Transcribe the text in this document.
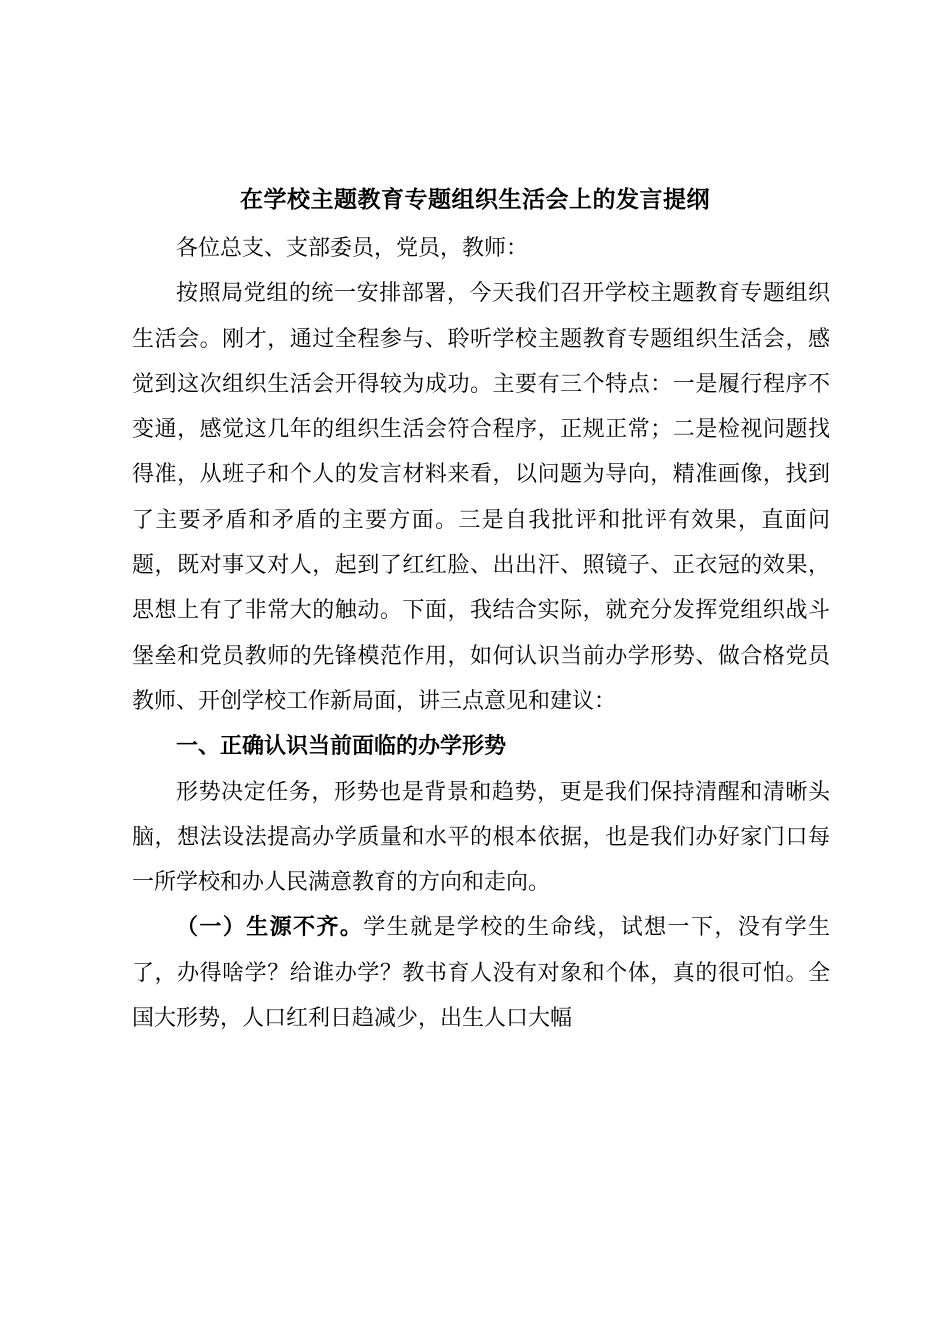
在学校主题教育专题组织生活会上的发言提纲

各位总支、支部委员，党员，教师：

按照局党组的统一安排部署，今天我们召开学校主题教育专题组织生活会。刚才，通过全程参与、聆听学校主题教育专题组织生活会，感觉到这次组织生活会开得较为成功。主要有三个特点：一是履行程序不变通，感觉这几年的组织生活会符合程序，正规正常；二是检视问题找得准，从班子和个人的发言材料来看，以问题为导向，精准画像，找到了主要矛盾和矛盾的主要方面。三是自我批评和批评有效果，直面问题，既对事又对人，起到了红红脸、出出汗、照镜子、正衣冠的效果，思想上有了非常大的触动。下面，我结合实际，就充分发挥党组织战斗堡垒和党员教师的先锋模范作用，如何认识当前办学形势、做合格党员教师、开创学校工作新局面，讲三点意见和建议：

一、正确认识当前面临的办学形势

形势决定任务，形势也是背景和趋势，更是我们保持清醒和清晰头脑，想法设法提高办学质量和水平的根本依据，也是我们办好家门口每一所学校和办人民满意教育的方向和走向。

（一）生源不齐。学生就是学校的生命线，试想一下，没有学生了，办得啥学？给谁办学？教书育人没有对象和个体，真的很可怕。全国大形势，人口红利日趋减少，出生人口大幅
